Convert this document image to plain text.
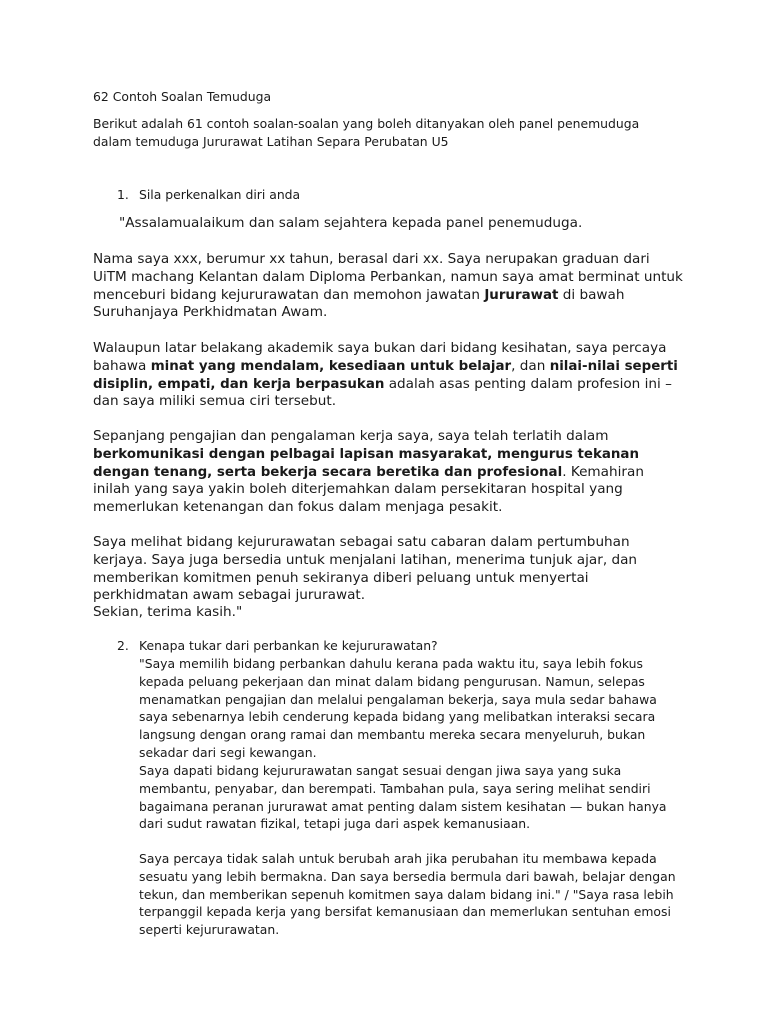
62 Contoh Soalan Temuduga
Berikut adalah 61 contoh soalan-soalan yang boleh ditanyakan oleh panel penemuduga dalam temuduga Jururawat Latihan Separa Perubatan U5
1. Sila perkenalkan diri anda

"Assalamualaikum dan salam sejahtera kepada panel penemuduga.

Nama saya xxx, berumur xx tahun, berasal dari xx. Saya nerupakan graduan dari UiTM machang Kelantan dalam Diploma Perbankan, namun saya amat berminat untuk menceburi bidang kejururawatan dan memohon jawatan Jururawat di bawah Suruhanjaya Perkhidmatan Awam.

Walaupun latar belakang akademik saya bukan dari bidang kesihatan, saya percaya bahawa minat yang mendalam, kesediaan untuk belajar, dan nilai-nilai seperti disiplin, empati, dan kerja berpasukan adalah asas penting dalam profesion ini – dan saya miliki semua ciri tersebut.

Sepanjang pengajian dan pengalaman kerja saya, saya telah terlatih dalam berkomunikasi dengan pelbagai lapisan masyarakat, mengurus tekanan dengan tenang, serta bekerja secara beretika dan profesional. Kemahiran inilah yang saya yakin boleh diterjemahkan dalam persekitaran hospital yang memerlukan ketenangan dan fokus dalam menjaga pesakit.

Saya melihat bidang kejururawatan sebagai satu cabaran dalam pertumbuhan kerjaya. Saya juga bersedia untuk menjalani latihan, menerima tunjuk ajar, dan memberikan komitmen penuh sekiranya diberi peluang untuk menyertai perkhidmatan awam sebagai jururawat.

Sekian, terima kasih."

2. Kenapa tukar dari perbankan ke kejururawatan?

"Saya memilih bidang perbankan dahulu kerana pada waktu itu, saya lebih fokus kepada peluang pekerjaan dan minat dalam bidang pengurusan. Namun, selepas menamatkan pengajian dan melalui pengalaman bekerja, saya mula sedar bahawa saya sebenarnya lebih cenderung kepada bidang yang melibatkan interaksi secara langsung dengan orang ramai dan membantu mereka secara menyeluruh, bukan sekadar dari segi kewangan.

Saya dapati bidang kejururawatan sangat sesuai dengan jiwa saya yang suka membantu, penyabar, dan berempati. Tambahan pula, saya sering melihat sendiri bagaimana peranan jururawat amat penting dalam sistem kesihatan — bukan hanya dari sudut rawatan fizikal, tetapi juga dari aspek kemanusiaan.

Saya percaya tidak salah untuk berubah arah jika perubahan itu membawa kepada sesuatu yang lebih bermakna. Dan saya bersedia bermula dari bawah, belajar dengan tekun, dan memberikan sepenuh komitmen saya dalam bidang ini." / "Saya rasa lebih terpanggil kepada kerja yang bersifat kemanusiaan dan memerlukan sentuhan emosi seperti kejururawatan.
